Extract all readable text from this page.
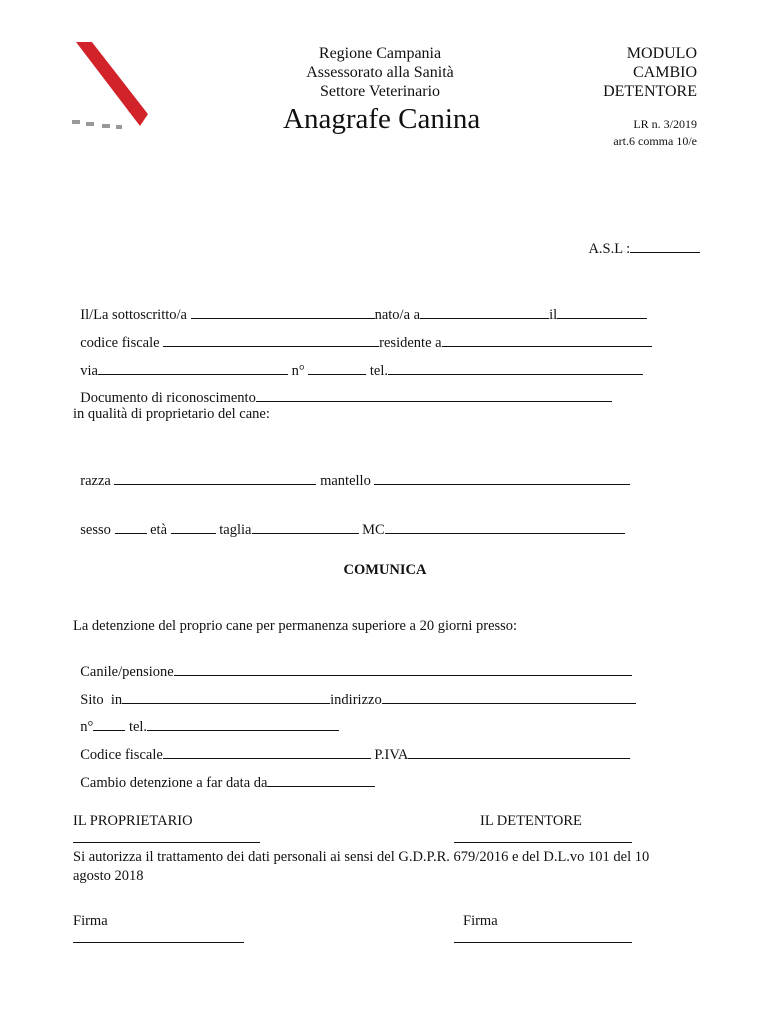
Regione Campania
Assessorato alla Sanità
Settore Veterinario
Anagrafe Canina
MODULO
CAMBIO
DETENTORE
LR n. 3/2019
art.6 comma 10/e

A.S.L :

Il/La sottoscritto/a	nato/a a	il

codice fiscale	residente a

via	n°	tel.

Documento di riconoscimento

in qualità di proprietario del cane:

razza	mantello

sesso	età	taglia	MC

COMUNICA
La detenzione del proprio cane per permanenza superiore a 20 giorni presso:

Canile/pensione

Sito  in	indirizzo

n° tel.

Codice fiscale	P.IVA

Cambio detenzione a far data da

IL PROPRIETARIO	IL DETENTORE
Si autorizza il trattamento dei dati personali ai sensi del G.D.P.R. 679/2016 e del D.L.vo 101 del 10
agosto 2018
Firma	Firma
